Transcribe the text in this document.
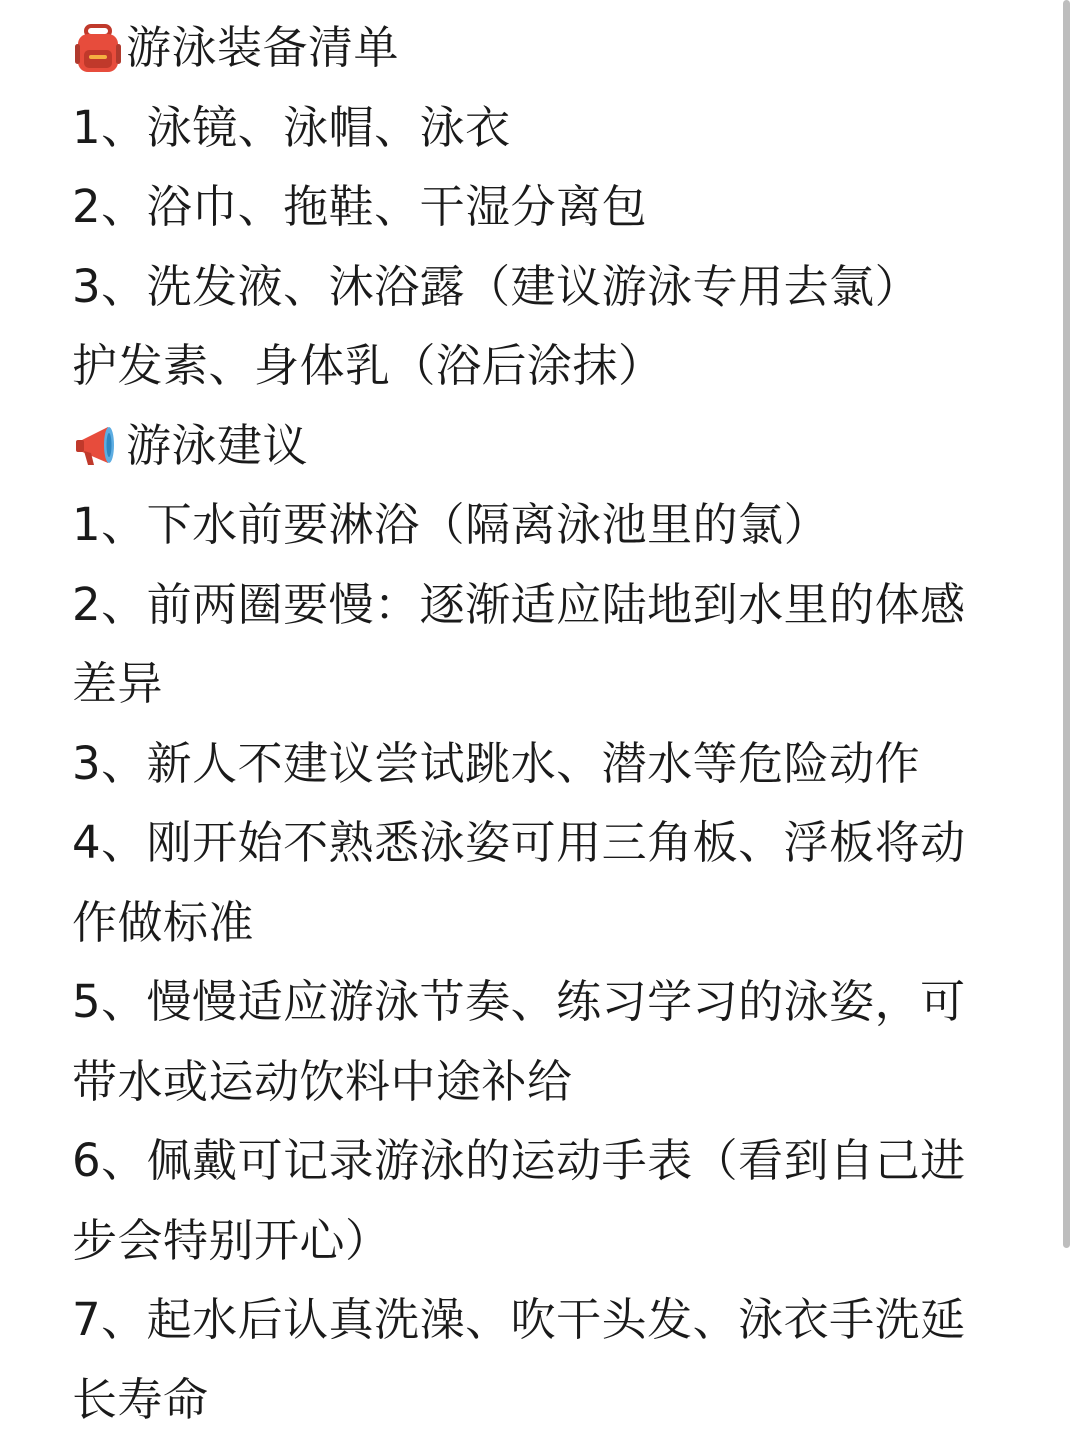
游泳装备清单
1、泳镜、泳帽、泳衣
2、浴巾、拖鞋、干湿分离包
3、洗发液、沐浴露（建议游泳专用去氯）
护发素、身体乳（浴后涂抹）
游泳建议
1、下水前要淋浴（隔离泳池里的氯）
2、前两圈要慢：逐渐适应陆地到水里的体感
差异
3、新人不建议尝试跳水、潜水等危险动作
4、刚开始不熟悉泳姿可用三角板、浮板将动
作做标准
5、慢慢适应游泳节奏、练习学习的泳姿，可
带水或运动饮料中途补给
6、佩戴可记录游泳的运动手表（看到自己进
步会特别开心）
7、起水后认真洗澡、吹干头发、泳衣手洗延
长寿命
